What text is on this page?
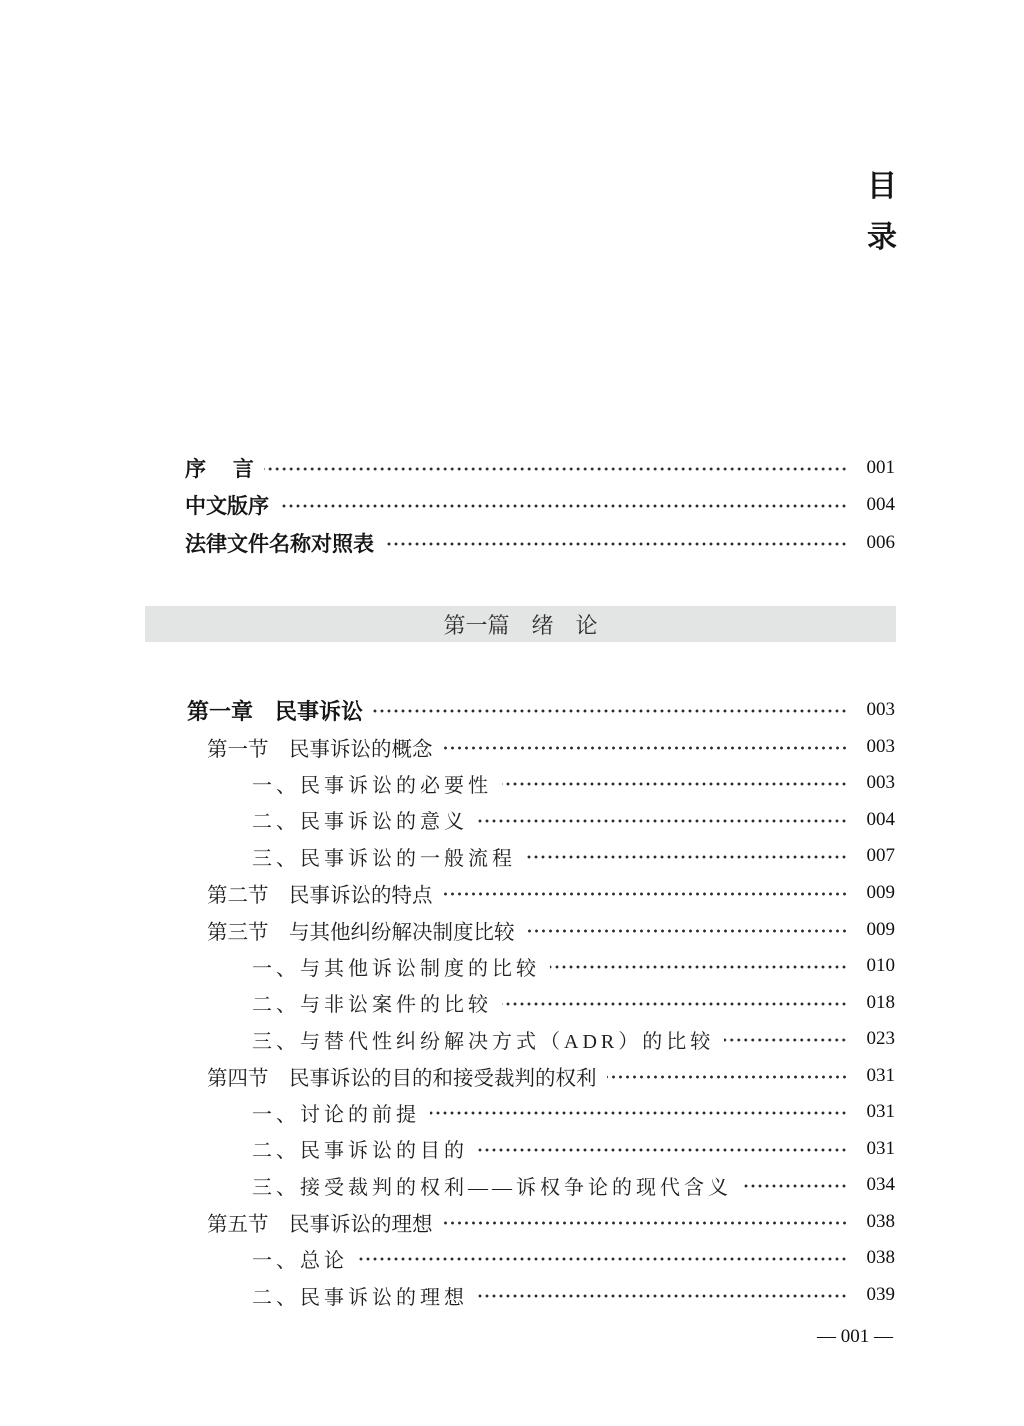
目
录
序 　言	001
中文版序	004
法律文件名称对照表	006
第一篇　绪　论
第一章　民事诉讼	003
第一节　民事诉讼的概念	003
一、民事诉讼的必要性	003
二、民事诉讼的意义	004
三、民事诉讼的一般流程	007
第二节　民事诉讼的特点	009
第三节　与其他纠纷解决制度比较	009
一、与其他诉讼制度的比较	010
二、与非讼案件的比较	018
三、与替代性纠纷解决方式（ADR）的比较	023
第四节　民事诉讼的目的和接受裁判的权利	031
一、讨论的前提	031
二、民事诉讼的目的	031
三、接受裁判的权利——诉权争论的现代含义	034
第五节　民事诉讼的理想	038
一、总论	038
二、民事诉讼的理想	039
— 001 —
